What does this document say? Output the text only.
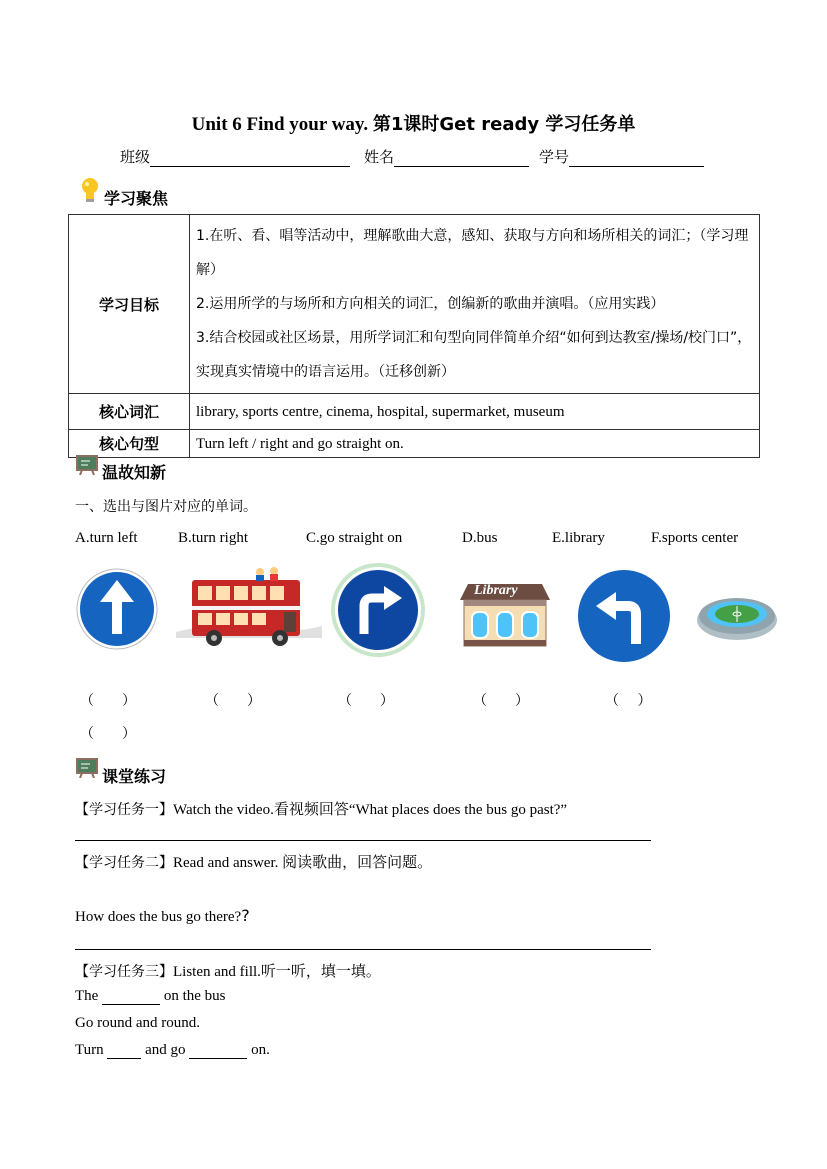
Unit 6 Find your way. 第1课时Get ready 学习任务单
班级	姓名	学号
学习聚焦
学习目标	1.在听、看、唱等活动中，理解歌曲大意，感知、获取与方向和场所相关的词汇；（学习理解）
2.运用所学的与场所和方向相关的词汇，创编新的歌曲并演唱。（应用实践）
3.结合校园或社区场景，用所学词汇和句型向同伴简单介绍“如何到达教室/操场/校门口”，实现真实情境中的语言运用。（迁移创新）

核心词汇	library, sports centre, cinema, hospital, supermarket, museum
核心句型	Turn left / right and go straight on.
温故知新
一、选出与图片对应的单词。
A.turn left	B.turn right	C.go straight on	D.bus	E.library	F.sports center
Library
（　　）	（　　）	（　　）	（　　）	（　 ）
（　　）
课堂练习
【学习任务一】Watch the video.看视频回答“What places does the bus go past?”
【学习任务二】Read and answer. 阅读歌曲，回答问题。
How does the bus go there??
【学习任务三】Listen and fill.听一听，填一填。
The	on the bus
Go round and round.
Turn	and go	on.
